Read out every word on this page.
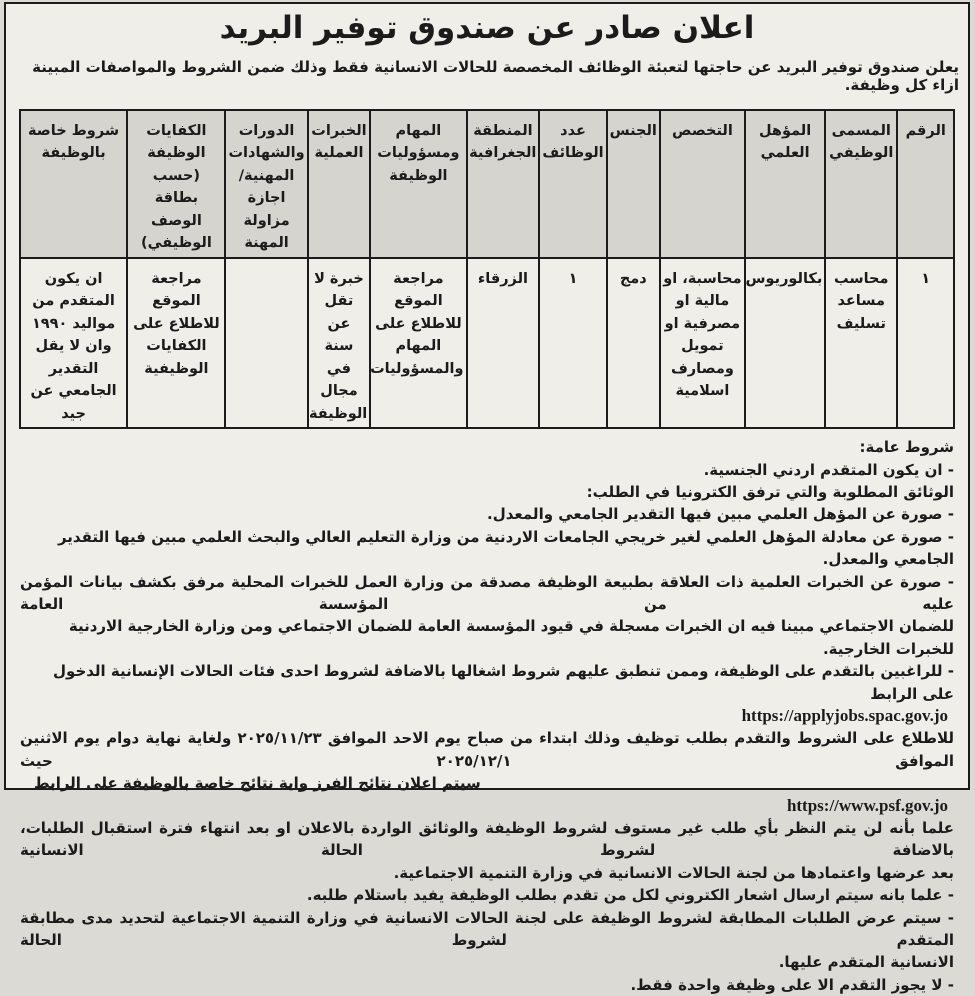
اعلان صادر عن صندوق توفير البريد
يعلن صندوق توفير البريد عن حاجتها لتعبئة الوظائف المخصصة للحالات الانسانية فقط وذلك ضمن الشروط والمواصفات المبينة ازاء كل وظيفة.
الرقم	المسمى الوظيفي	المؤهل العلمي	التخصص	الجنس	عدد الوظائف	المنطقة الجغرافية	المهام ومسؤوليات الوظيفة	الخبرات العملية	الدورات والشهادات المهنية/ اجازة مزاولة المهنة	الكفايات الوظيفة (حسب بطاقة الوصف الوظيفي)	شروط خاصة بالوظيفة
١	محاسب مساعد تسليف	بكالوريوس	محاسبة، او مالية او مصرفية او تمويل ومصارف اسلامية	دمج	١	الزرقاء	مراجعة الموقع للاطلاع على المهام والمسؤوليات	خبرة لا تقل عن سنة في مجال الوظيفة		مراجعة الموقع للاطلاع على الكفايات الوظيفية	ان يكون المتقدم من مواليد ١٩٩٠ وان لا يقل التقدير الجامعي عن جيد
شروط عامة:
- ان يكون المتقدم اردني الجنسية.
الوثائق المطلوبة والتي ترفق الكترونيا في الطلب:
- صورة عن المؤهل العلمي مبين فيها التقدير الجامعي والمعدل.
- صورة عن معادلة المؤهل العلمي لغير خريجي الجامعات الاردنية من وزارة التعليم العالي والبحث العلمي مبين فيها التقدير الجامعي والمعدل.
- صورة عن الخبرات العلمية ذات العلاقة بطبيعة الوظيفة مصدقة من وزارة العمل للخبرات المحلية مرفق بكشف بيانات المؤمن عليه من المؤسسة العامة
للضمان الاجتماعي مبينا فيه ان الخبرات مسجلة في قيود المؤسسة العامة للضمان الاجتماعي ومن وزارة الخارجية الاردنية للخبرات الخارجية.
- للراغبين بالتقدم على الوظيفة، وممن تنطبق عليهم شروط اشغالها بالاضافة لشروط احدى فئات الحالات الإنسانية الدخول على الرابط
https://applyjobs.spac.gov.jo
للاطلاع على الشروط والتقدم بطلب توظيف وذلك ابتداء من صباح يوم الاحد الموافق ٢٠٢٥/١١/٢٣ ولغاية نهاية دوام يوم الاثنين الموافق ٢٠٢٥/١٢/١ حيث
سيتم اعلان نتائج الفرز واية نتائج خاصة بالوظيفة على الرابط
https://www.psf.gov.jo
علما بأنه لن يتم النظر بأي طلب غير مستوف لشروط الوظيفة والوثائق الواردة بالاعلان او بعد انتهاء فترة استقبال الطلبات، بالاضافة لشروط الحالة الانسانية
بعد عرضها واعتمادها من لجنة الحالات الانسانية في وزارة التنمية الاجتماعية.
- علما بانه سيتم ارسال اشعار الكتروني لكل من تقدم بطلب الوظيفة يفيد باستلام طلبه.
- سيتم عرض الطلبات المطابقة لشروط الوظيفة على لجنة الحالات الانسانية في وزارة التنمية الاجتماعية لتحديد مدى مطابقة المتقدم لشروط الحالة
الانسانية المتقدم عليها.
- لا يجوز التقدم الا على وظيفة واحدة فقط.
